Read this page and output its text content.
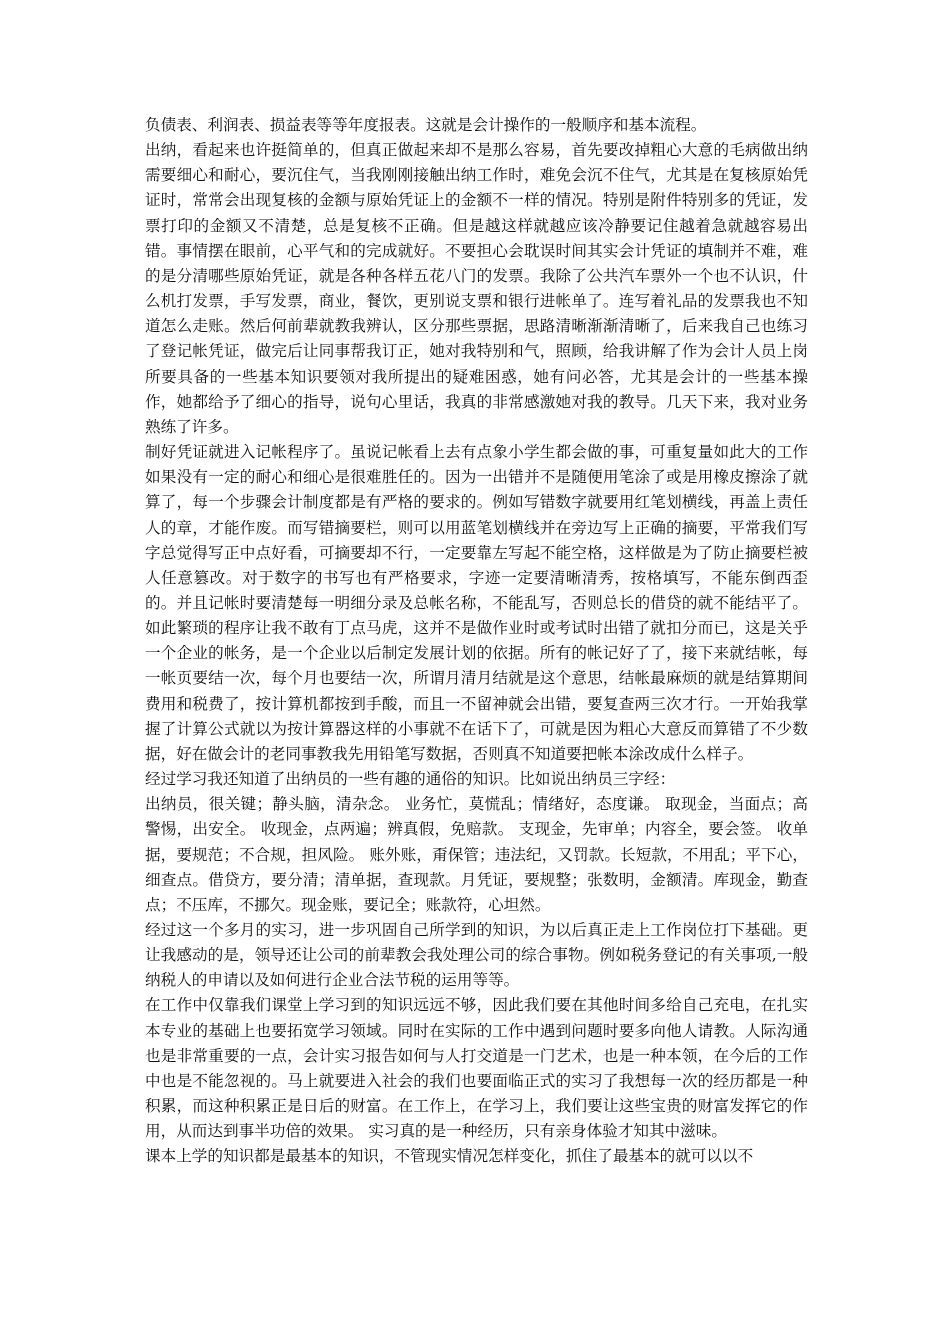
负债表、利润表、损益表等等年度报表。这就是会计操作的一般顺序和基本流程。

出纳，看起来也许挺简单的，但真正做起来却不是那么容易，首先要改掉粗心大意的毛病做出纳需要细心和耐心，要沉住气，当我刚刚接触出纳工作时，难免会沉不住气，尤其是在复核原始凭证时，常常会出现复核的金额与原始凭证上的金额不一样的情况。特别是附件特别多的凭证，发票打印的金额又不清楚，总是复核不正确。但是越这样就越应该冷静要记住越着急就越容易出错。事情摆在眼前，心平气和的完成就好。不要担心会耽误时间其实会计凭证的填制并不难，难的是分清哪些原始凭证，就是各种各样五花八门的发票。我除了公共汽车票外一个也不认识，什么机打发票，手写发票，商业，餐饮，更别说支票和银行进帐单了。连写着礼品的发票我也不知道怎么走账。然后何前辈就教我辨认，区分那些票据，思路清晰渐渐清晰了，后来我自己也练习了登记帐凭证，做完后让同事帮我订正，她对我特别和气，照顾，给我讲解了作为会计人员上岗所要具备的一些基本知识要领对我所提出的疑难困惑，她有问必答，尤其是会计的一些基本操作，她都给予了细心的指导，说句心里话，我真的非常感激她对我的教导。几天下来，我对业务熟练了许多。

制好凭证就进入记帐程序了。虽说记帐看上去有点象小学生都会做的事，可重复量如此大的工作如果没有一定的耐心和细心是很难胜任的。因为一出错并不是随便用笔涂了或是用橡皮擦涂了就算了，每一个步骤会计制度都是有严格的要求的。例如写错数字就要用红笔划横线，再盖上责任人的章，才能作废。而写错摘要栏，则可以用蓝笔划横线并在旁边写上正确的摘要，平常我们写字总觉得写正中点好看，可摘要却不行，一定要靠左写起不能空格，这样做是为了防止摘要栏被人任意篡改。对于数字的书写也有严格要求，字迹一定要清晰清秀，按格填写，不能东倒西歪的。并且记帐时要清楚每一明细分录及总帐名称，不能乱写，否则总长的借贷的就不能结平了。如此繁琐的程序让我不敢有丁点马虎，这并不是做作业时或考试时出错了就扣分而已，这是关乎一个企业的帐务，是一个企业以后制定发展计划的依据。所有的帐记好了了，接下来就结帐，每一帐页要结一次，每个月也要结一次，所谓月清月结就是这个意思，结帐最麻烦的就是结算期间费用和税费了，按计算机都按到手酸，而且一不留神就会出错，要复查两三次才行。一开始我掌握了计算公式就以为按计算器这样的小事就不在话下了，可就是因为粗心大意反而算错了不少数据，好在做会计的老同事教我先用铅笔写数据，否则真不知道要把帐本涂改成什么样子。

经过学习我还知道了出纳员的一些有趣的通俗的知识。比如说出纳员三字经：

出纳员，很关键；静头脑，清杂念。 业务忙，莫慌乱；情绪好，态度谦。 取现金，当面点；高警惕，出安全。 收现金，点两遍；辨真假，免赔款。 支现金，先审单；内容全，要会签。 收单据，要规范；不合规，担风险。 账外账，甭保管；违法纪，又罚款。长短款，不用乱；平下心，细查点。借贷方，要分清；清单据，查现款。月凭证，要规整；张数明，金额清。库现金，勤查点；不压库，不挪欠。现金账，要记全；账款符，心坦然。

经过这一个多月的实习，进一步巩固自己所学到的知识，为以后真正走上工作岗位打下基础。更让我感动的是，领导还让公司的前辈教会我处理公司的综合事物。例如税务登记的有关事项,一般纳税人的申请以及如何进行企业合法节税的运用等等。

在工作中仅靠我们课堂上学习到的知识远远不够，因此我们要在其他时间多给自己充电，在扎实本专业的基础上也要拓宽学习领域。同时在实际的工作中遇到问题时要多向他人请教。人际沟通也是非常重要的一点，会计实习报告如何与人打交道是一门艺术，也是一种本领，在今后的工作中也是不能忽视的。马上就要进入社会的我们也要面临正式的实习了我想每一次的经历都是一种积累，而这种积累正是日后的财富。在工作上，在学习上，我们要让这些宝贵的财富发挥它的作用，从而达到事半功倍的效果。 实习真的是一种经历，只有亲身体验才知其中滋味。

课本上学的知识都是最基本的知识，不管现实情况怎样变化，抓住了最基本的就可以以不
